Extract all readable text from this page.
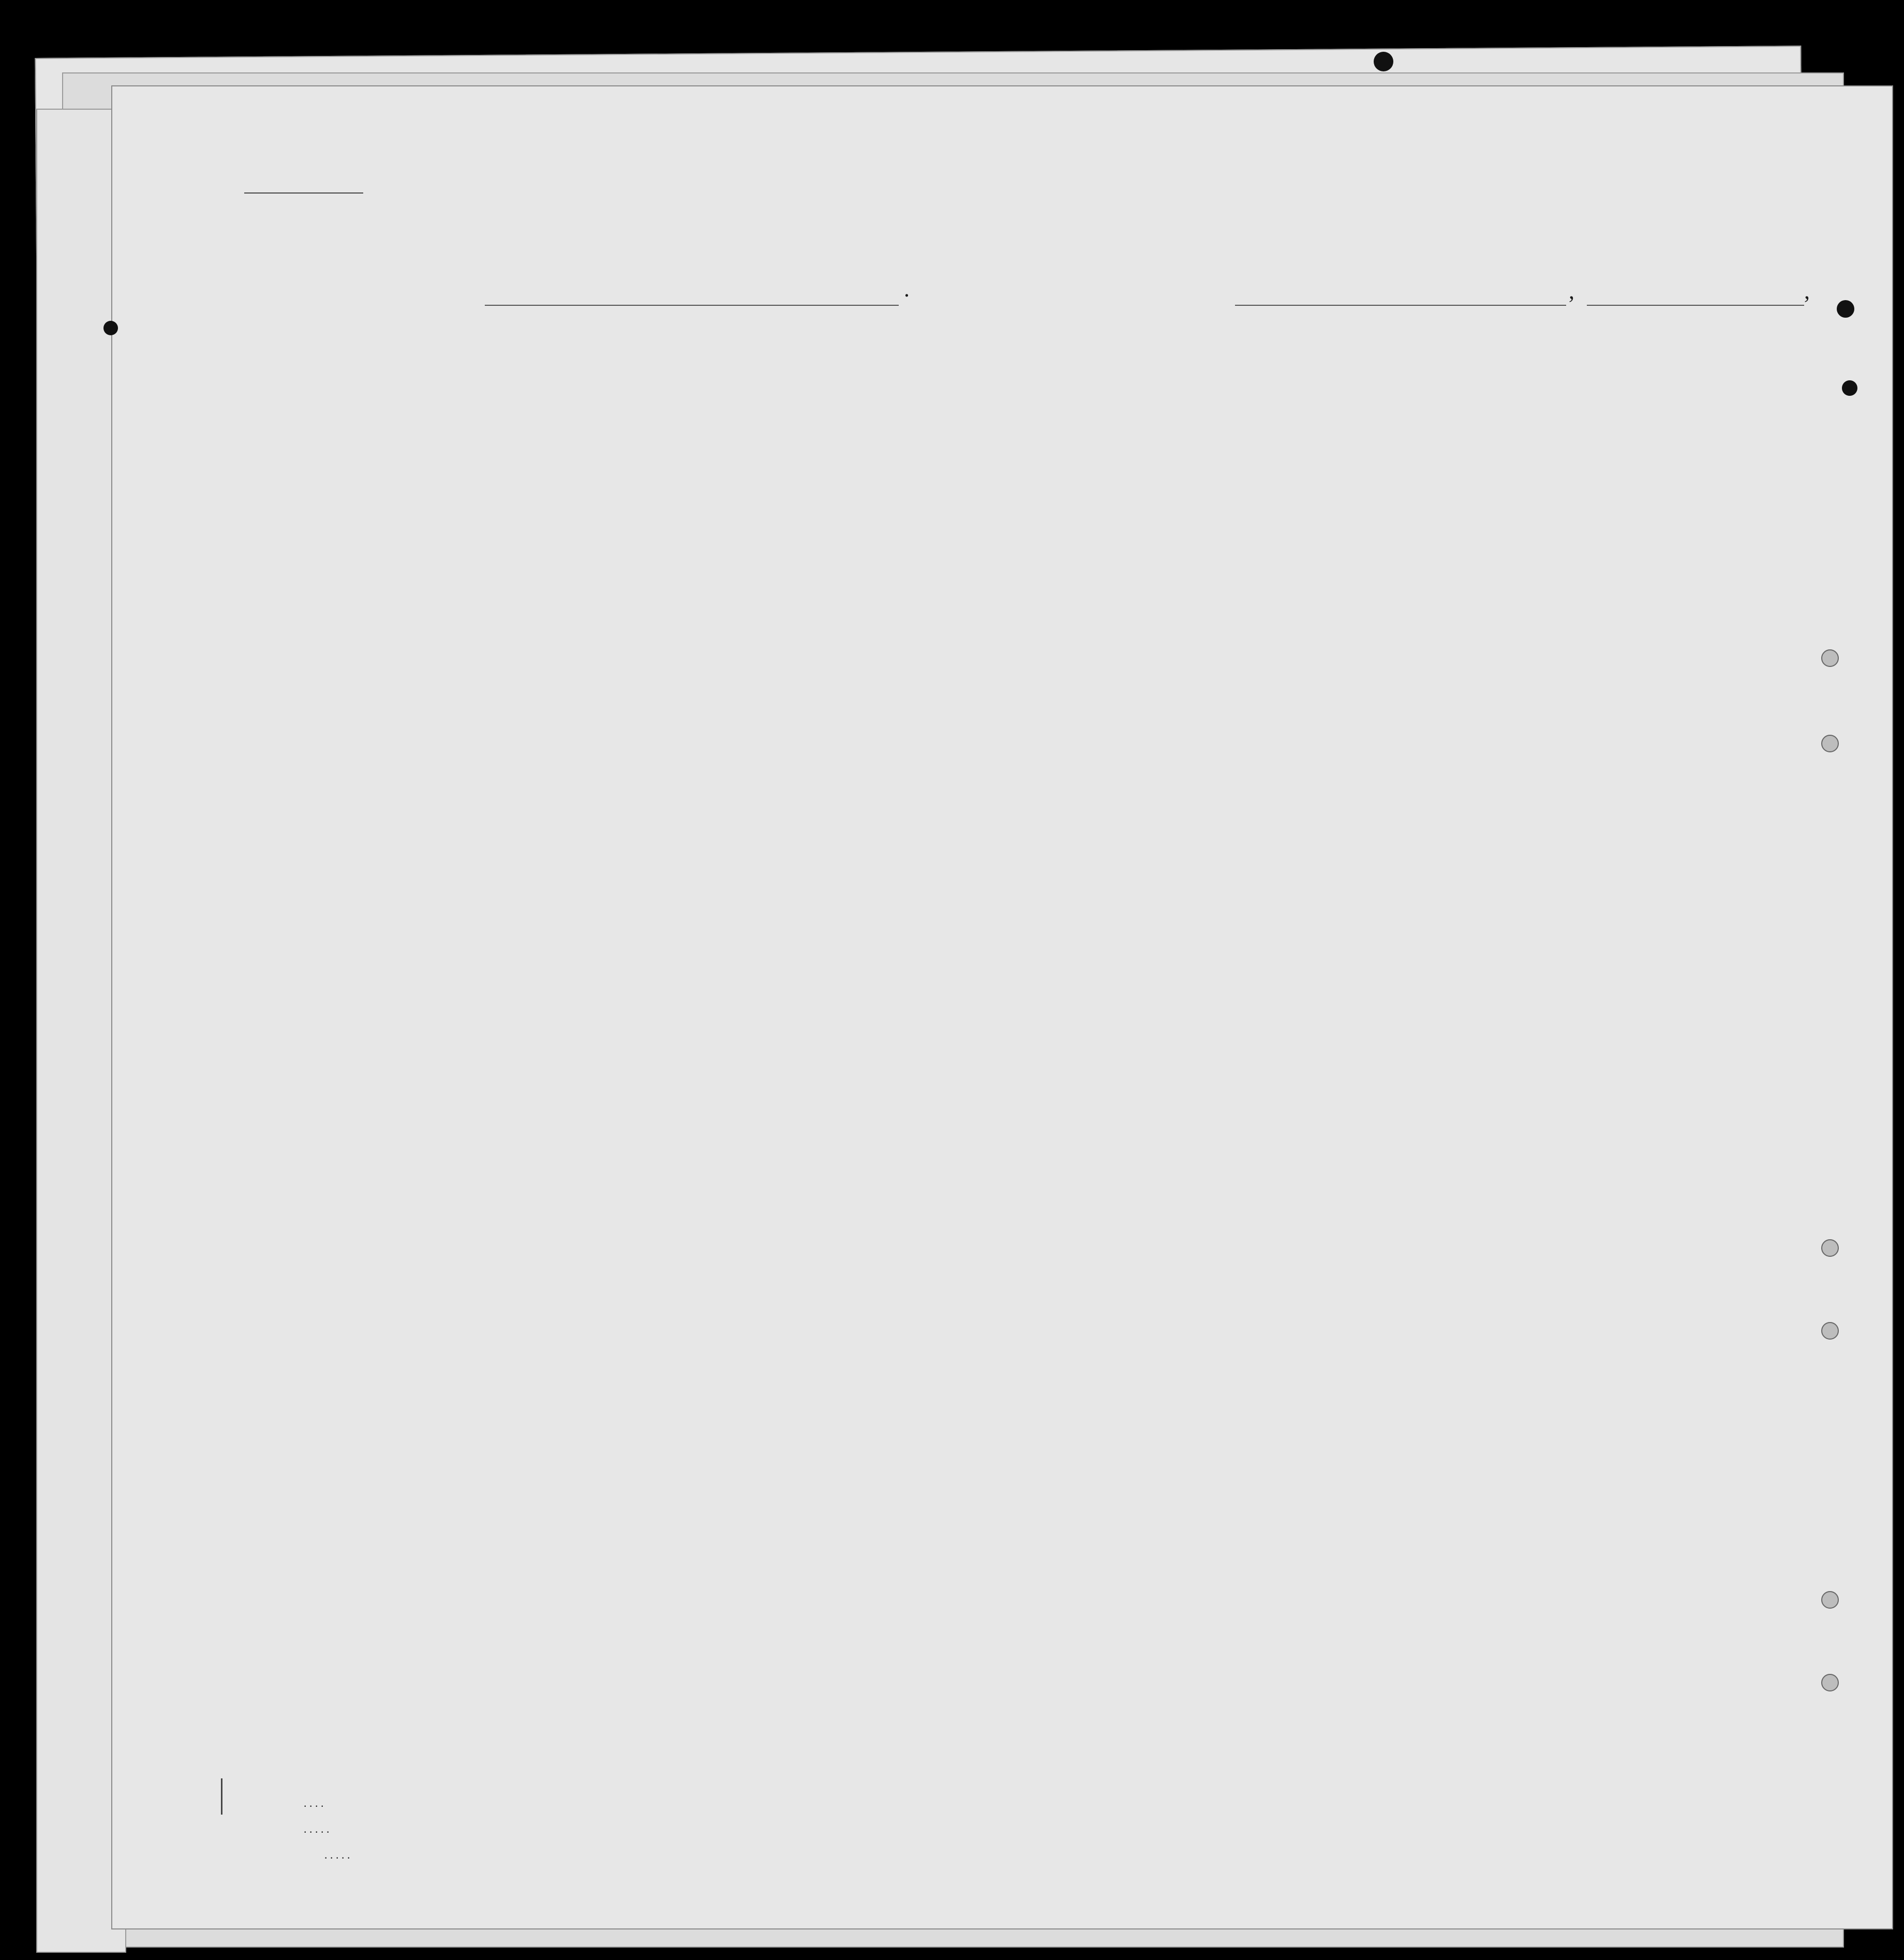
.	,	,
. . . .
. . . . .
. . . . .
